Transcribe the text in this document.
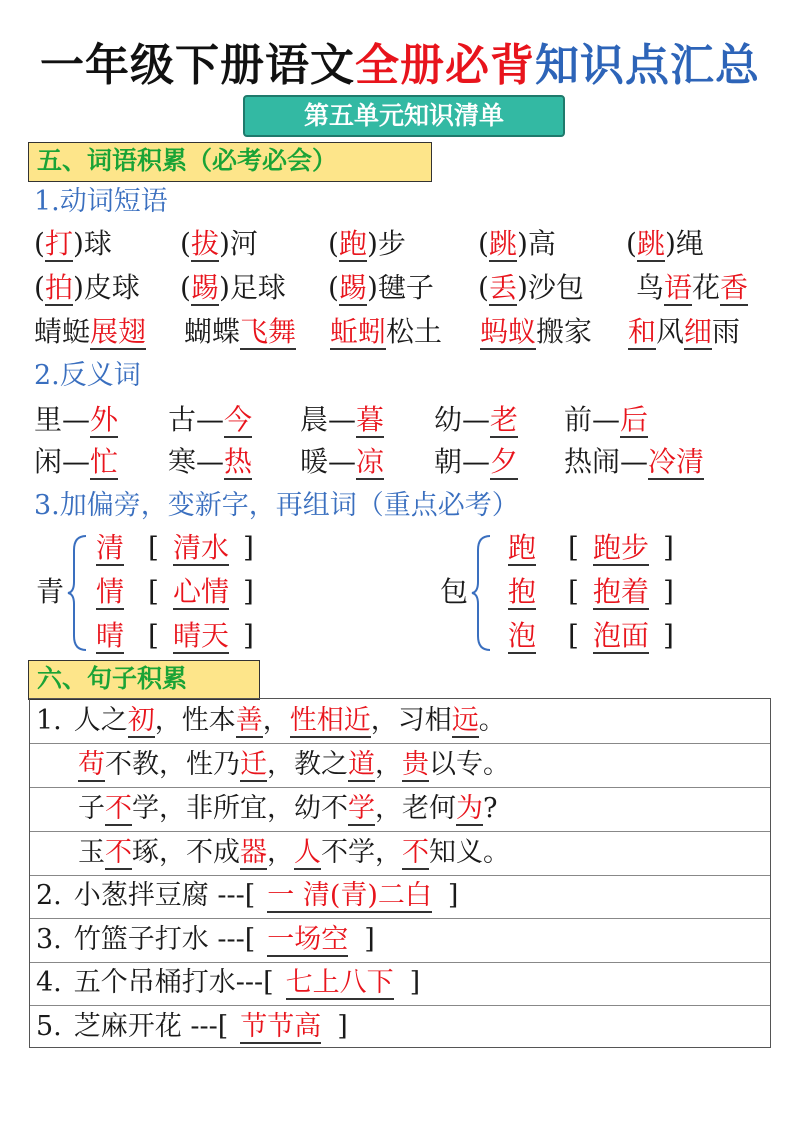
一年级下册语文全册必背知识点汇总
第五单元知识清单
五、词语积累（必考必会）
1.动词短语
(打)球 (拔)河	(跑)步	(跳)高	(跳)绳
(拍)皮球 (踢)足球 (踢)毽子 (丢)沙包 鸟语花香
蜻蜓展翅 蝴蝶飞舞 蚯蚓松土 蚂蚁搬家 和风细雨
2.反义词
里—外 古—今 晨—暮 幼—老 前—后
闲—忙 寒—热 暖—凉 朝—夕 热闹—冷清
3.加偏旁，变新字，再组词（重点必考）
青
清 [ 清水 ]
情 [ 心情 ]
晴 [ 晴天 ]
包
跑 [ 跑步 ]
抱 [ 抱着 ]
泡 [ 泡面 ]
六、句子积累
1. 人之初，性本善，性相近，习相远。
苟不教，性乃迁，教之道，贵以专。
子不学，非所宜，幼不学，老何为?
玉不琢，不成器，人不学，不知义。
2. 小葱拌豆腐 ---[ 一 清(青)二白 ]
3. 竹篮子打水 ---[ 一场空 ]
4. 五个吊桶打水---[ 七上八下 ]
5. 芝麻开花 ---[ 节节高 ]
